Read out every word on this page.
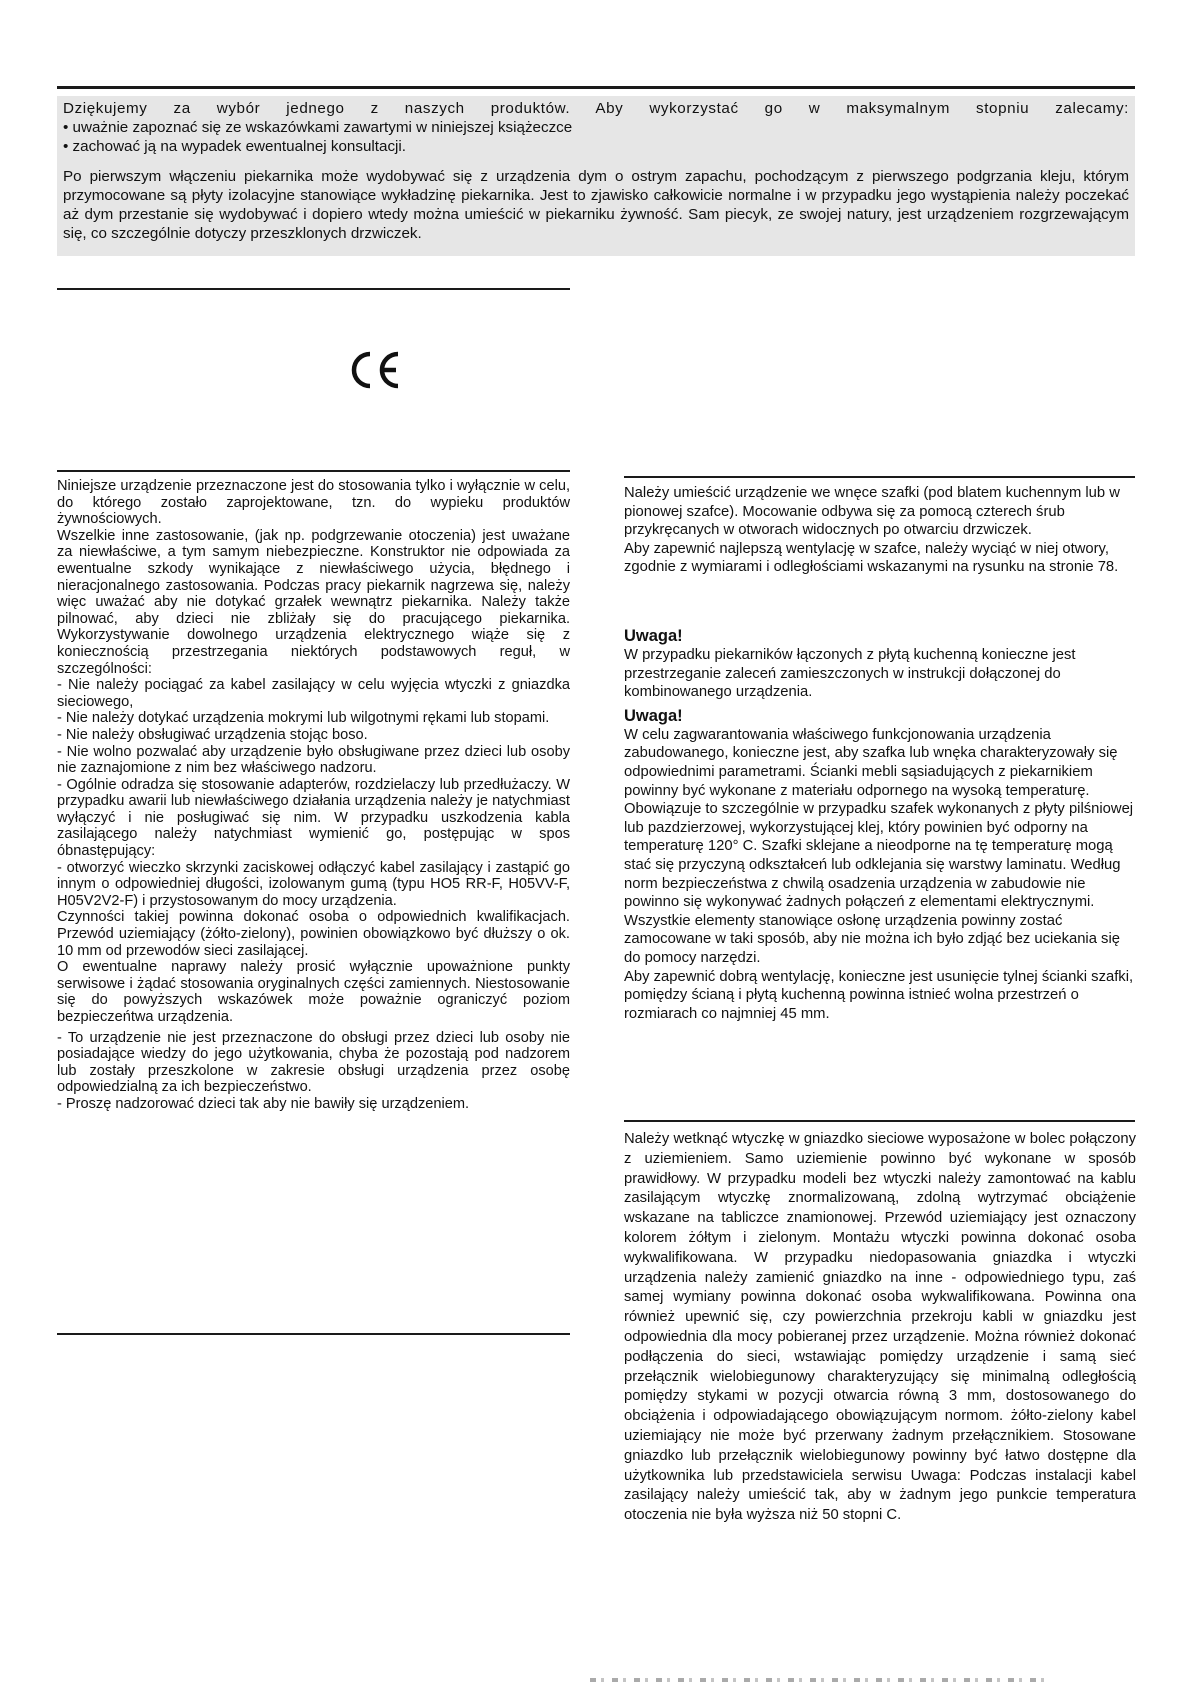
Dziękujemy za wybór jednego z naszych produktów. Aby wykorzystać go w maksymalnym stopniu zalecamy:

• uważnie zapoznać się ze wskazówkami zawartymi w niniejszej książeczce

• zachować ją na wypadek ewentualnej konsultacji.

Po pierwszym włączeniu piekarnika może wydobywać się z urządzenia dym o ostrym zapachu, pochodzącym z pierwszego podgrzania kleju, którym przymocowane są płyty izolacyjne stanowiące wykładzinę piekarnika. Jest to zjawisko całkowicie normalne i w przypadku jego wystąpienia należy poczekać aż dym przestanie się wydobywać i dopiero wtedy można umieścić w piekarniku żywność. Sam piecyk, ze swojej natury, jest urządzeniem rozgrzewającym się, co szczególnie dotyczy przeszklonych drzwiczek.

Niniejsze urządzenie przeznaczone jest do stosowania tylko i wyłącznie w celu, do którego zostało zaprojektowane, tzn. do wypieku produktów żywnościowych.

Wszelkie inne zastosowanie, (jak np. podgrzewanie otoczenia) jest uważane za niewłaściwe, a tym samym niebezpieczne. Konstruktor nie odpowiada za ewentualne szkody wynikające z niewłaściwego użycia, błędnego i nieracjonalnego zastosowania. Podczas pracy piekarnik nagrzewa się, należy więc uważać aby nie dotykać grzałek wewnątrz piekarnika. Należy także pilnować, aby dzieci nie zbliżały się do pracującego piekarnika. Wykorzystywanie dowolnego urządzenia elektrycznego wiąże się z koniecznością przestrzegania niektórych podstawowych reguł, w szczególności:

- Nie należy pociągać za kabel zasilający w celu wyjęcia wtyczki z gniazdka sieciowego,

- Nie należy dotykać urządzenia mokrymi lub wilgotnymi rękami lub stopami.

- Nie należy obsługiwać urządzenia stojąc boso.

- Nie wolno pozwalać aby urządzenie było obsługiwane przez dzieci lub osoby nie zaznajomione z nim bez właściwego nadzoru.

- Ogólnie odradza się stosowanie adapterów, rozdzielaczy lub przedłużaczy. W przypadku awarii lub niewłaściwego działania urządzenia należy je natychmiast wyłączyć i nie posługiwać się nim. W przypadku uszkodzenia kabla zasilającego należy natychmiast wymienić go, postępując w spos óbnastępujący:

- otworzyć wieczko skrzynki zaciskowej odłączyć kabel zasilający i zastąpić go innym o odpowiedniej długości, izolowanym gumą (typu HO5 RR-F, H05VV-F, H05V2V2-F) i przystosowanym do mocy urządzenia.

Czynności takiej powinna dokonać osoba o odpowiednich kwalifikacjach. Przewód uziemiający (żółto-zielony), powinien obowiązkowo być dłuższy o ok. 10 mm od przewodów sieci zasilającej.

O ewentualne naprawy należy prosić wyłącznie upoważnione punkty serwisowe i żądać stosowania oryginalnych części zamiennych. Niestosowanie się do powyższych wskazówek może poważnie ograniczyć poziom bezpieczeńtwa urządzenia.

- To urządzenie nie jest przeznaczone do obsługi przez dzieci lub osoby nie posiadające wiedzy do jego użytkowania, chyba że pozostają pod nadzorem lub zostały przeszkolone w zakresie obsługi urządzenia przez osobę odpowiedzialną za ich bezpieczeństwo.

- Proszę nadzorować dzieci tak aby nie bawiły się urządzeniem.

Należy umieścić urządzenie we wnęce szafki (pod blatem kuchennym lub w pionowej szafce). Mocowanie odbywa się za pomocą czterech śrub przykręcanych w otworach widocznych po otwarciu drzwiczek.

Aby zapewnić najlepszą wentylację w szafce, należy wyciąć w niej otwory, zgodnie z wymiarami i odległościami wskazanymi na rysunku na stronie 78.

Uwaga!

W przypadku piekarników łączonych z płytą kuchenną konieczne jest przestrzeganie zaleceń zamieszczonych w instrukcji dołączonej do kombinowanego urządzenia.

Uwaga!

W celu zagwarantowania właściwego funkcjonowania urządzenia zabudowanego, konieczne jest, aby szafka lub wnęka charakteryzowały się odpowiednimi parametrami. Ścianki mebli sąsiadujących z piekarnikiem powinny być wykonane z materiału odpornego na wysoką temperaturę. Obowiązuje to szczególnie w przypadku szafek wykonanych z płyty pilśniowej lub pazdzierzowej, wykorzystującej klej, który powinien być odporny na temperaturę 120° C. Szafki sklejane a nieodporne na tę temperaturę mogą stać się przyczyną odkształceń lub odklejania się warstwy laminatu. Według norm bezpieczeństwa z chwilą osadzenia urządzenia w zabudowie nie powinno się wykonywać żadnych połączeń z elementami elektrycznymi.

Wszystkie elementy stanowiące osłonę urządzenia powinny zostać zamocowane w taki sposób, aby nie można ich było zdjąć bez uciekania się do pomocy narzędzi.

Aby zapewnić dobrą wentylację, konieczne jest usunięcie tylnej ścianki szafki, pomiędzy ścianą i płytą kuchenną powinna istnieć wolna przestrzeń o rozmiarach co najmniej 45 mm.

Należy wetknąć wtyczkę w gniazdko sieciowe wyposażone w bolec połączony z uziemieniem. Samo uziemienie powinno być wykonane w sposób prawidłowy. W przypadku modeli bez wtyczki należy zamontować na kablu zasilającym wtyczkę znormalizowaną, zdolną wytrzymać obciążenie wskazane na tabliczce znamionowej. Przewód uziemiający jest oznaczony kolorem żółtym i zielonym. Montażu wtyczki powinna dokonać osoba wykwalifikowana. W przypadku niedopasowania gniazdka i wtyczki urządzenia należy zamienić gniazdko na inne - odpowiedniego typu, zaś samej wymiany powinna dokonać osoba wykwalifikowana. Powinna ona również upewnić się, czy powierzchnia przekroju kabli w gniazdku jest odpowiednia dla mocy pobieranej przez urządzenie. Można również dokonać podłączenia do sieci, wstawiając pomiędzy urządzenie i samą sieć przełącznik wielobiegunowy charakteryzujący się minimalną odległością pomiędzy stykami w pozycji otwarcia równą 3 mm, dostosowanego do obciążenia i odpowiadającego obowiązującym normom. żółto-zielony kabel uziemiający nie może być przerwany żadnym przełącznikiem. Stosowane gniazdko lub przełącznik wielobiegunowy powinny być łatwo dostępne dla użytkownika lub przedstawiciela serwisu Uwaga: Podczas instalacji kabel zasilający należy umieścić tak, aby w żadnym jego punkcie temperatura otoczenia nie była wyższa niż 50 stopni C.
